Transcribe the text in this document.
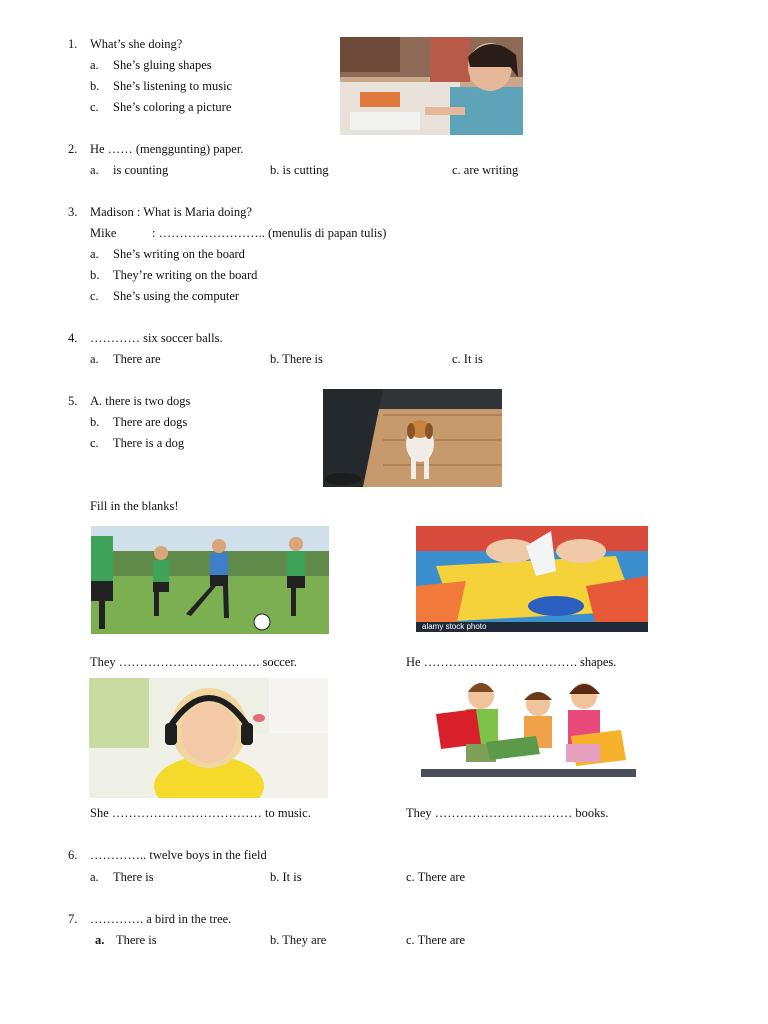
1. What’s she doing?
a. She’s gluing shapes
b. She’s listening to music
c. She’s coloring a picture
2. He …… (menggunting) paper.
a. is counting	b. is cutting	c. are writing
3. Madison : What is Maria doing?
Mike	: …………………….. (menulis di papan tulis)
a. She’s writing on the board
b. They’re writing on the board
c. She’s using the computer
4. ………… six soccer balls.
a. There are	b. There is	c. It is
5. A. there is two dogs
b. There are dogs
c. There is a dog
Fill in the blanks!
alamy stock photo
They ……………………………. soccer.	He ………………………………. shapes.
She ……………………………… to music.	They …………………………… books.
6. ………….. twelve boys in the field
a. There is	b. It is	c. There are
7. …………. a bird in the tree.
a. There is	b. They are	c. There are
